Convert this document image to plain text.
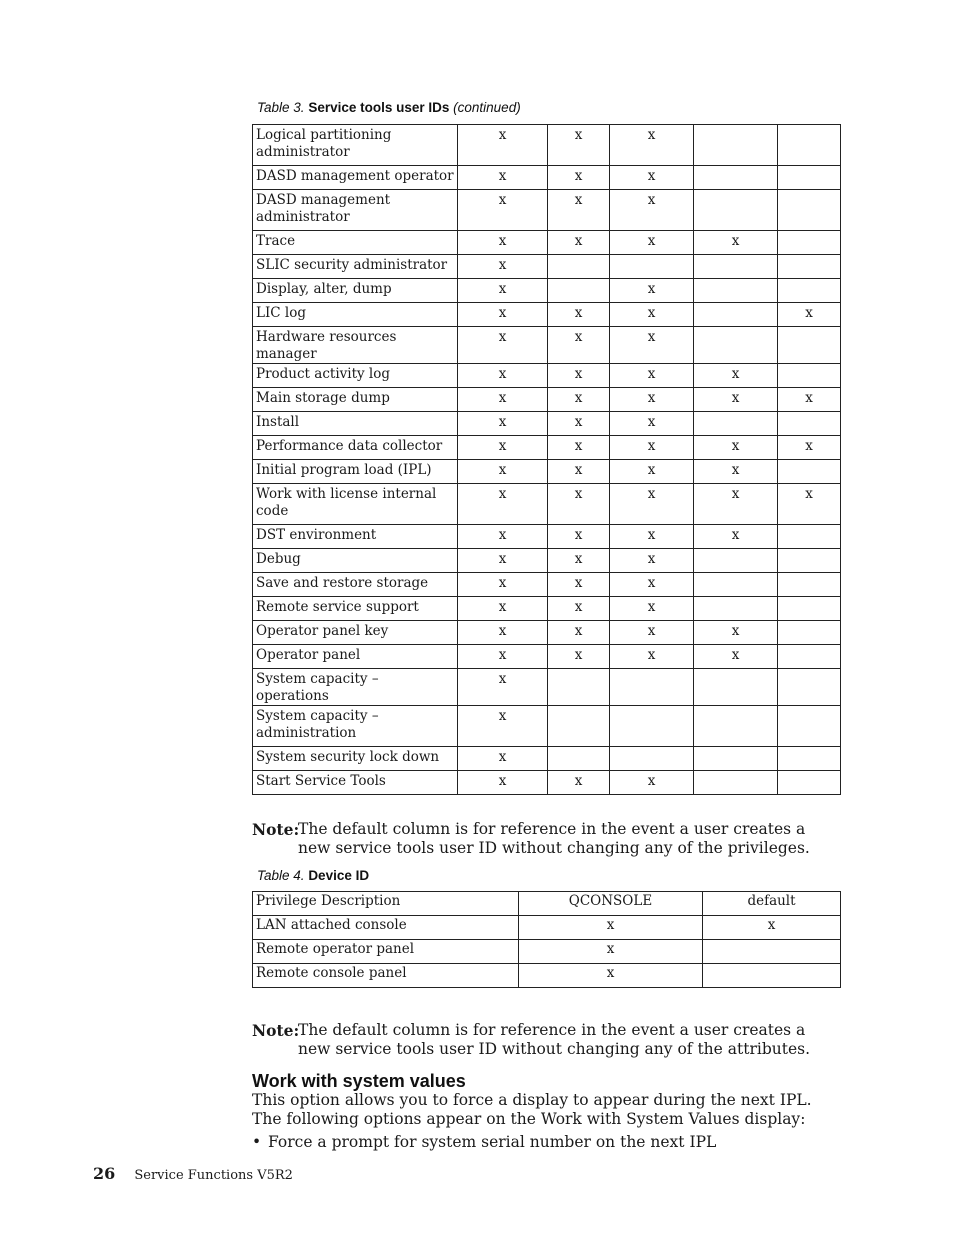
Table 3. Service tools user IDs (continued)
Logical partitioning administrator	x	x	x		
DASD management operator	x	x	x		
DASD management administrator	x	x	x		
Trace	x	x	x	x	
SLIC security administrator	x				
Display, alter, dump	x		x		
LIC log	x	x	x		x
Hardware resources manager	x	x	x		
Product activity log	x	x	x	x	
Main storage dump	x	x	x	x	x
Install	x	x	x		
Performance data collector	x	x	x	x	x
Initial program load (IPL)	x	x	x	x	
Work with license internal code	x	x	x	x	x
DST environment	x	x	x	x	
Debug	x	x	x		
Save and restore storage	x	x	x		
Remote service support	x	x	x		
Operator panel key	x	x	x	x	
Operator panel	x	x	x	x	
System capacity – operations	x				
System capacity – administration	x				
System security lock down	x				
Start Service Tools	x	x	x		
Note:
The default column is for reference in the event a user creates a new service tools user ID without changing any of the privileges.
Table 4. Device ID
Privilege Description	QCONSOLE	default
LAN attached console	x	x
Remote operator panel	x	
Remote console panel	x	
Note:
The default column is for reference in the event a user creates a new service tools user ID without changing any of the attributes.
Work with system values
This option allows you to force a display to appear during the next IPL. The following options appear on the Work with System Values display:
• Force a prompt for system serial number on the next IPL
26 Service Functions V5R2
